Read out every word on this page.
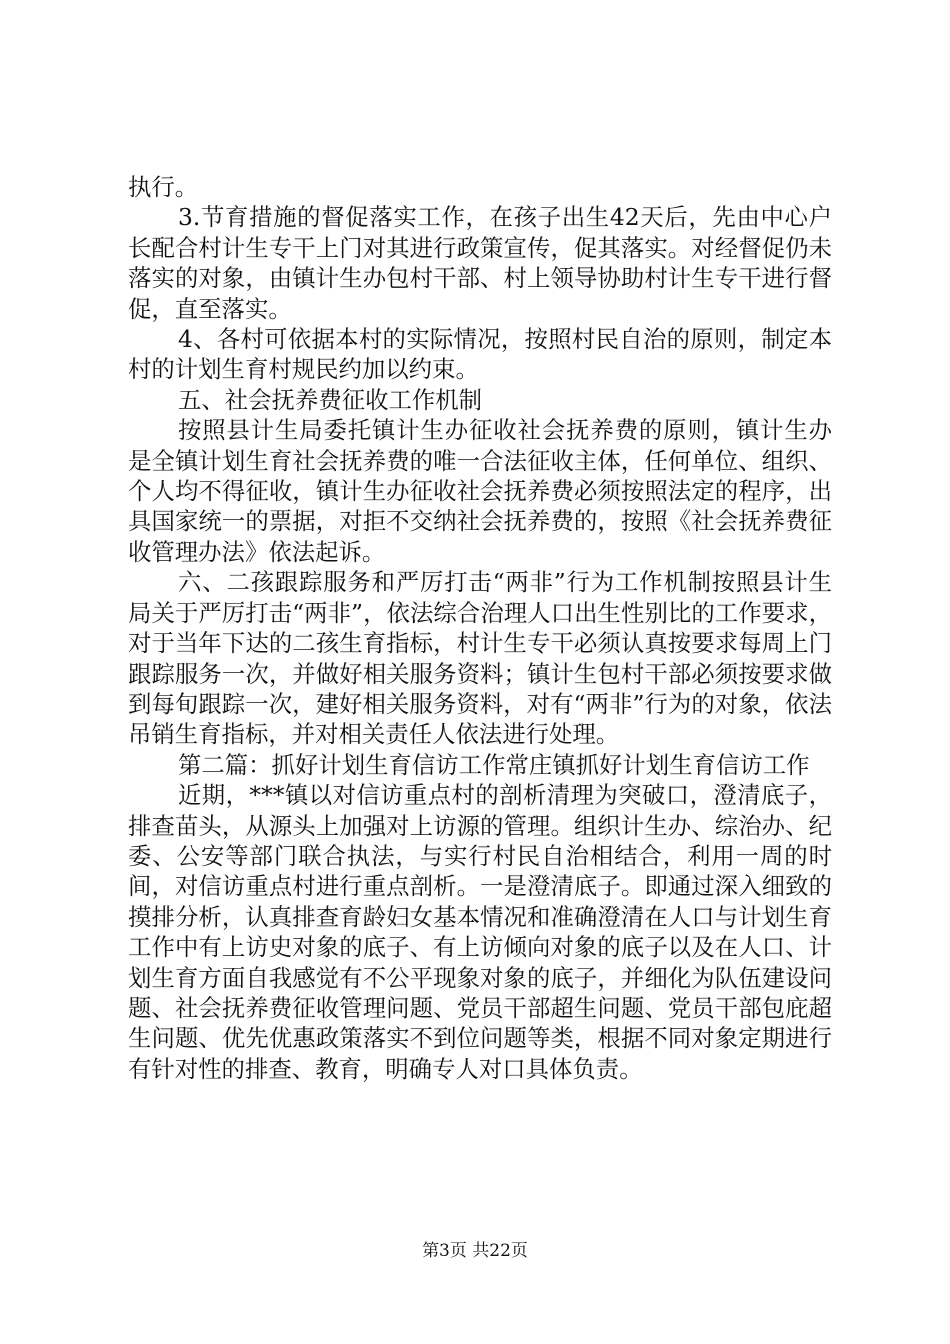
执行。

3.节育措施的督促落实工作，在孩子出生42天后，先由中心户长配合村计生专干上门对其进行政策宣传，促其落实。对经督促仍未落实的对象，由镇计生办包村干部、村上领导协助村计生专干进行督促，直至落实。

4、各村可依据本村的实际情况，按照村民自治的原则，制定本村的计划生育村规民约加以约束。

五、社会抚养费征收工作机制

按照县计生局委托镇计生办征收社会抚养费的原则，镇计生办是全镇计划生育社会抚养费的唯一合法征收主体，任何单位、组织、个人均不得征收，镇计生办征收社会抚养费必须按照法定的程序，出具国家统一的票据，对拒不交纳社会抚养费的，按照《社会抚养费征收管理办法》依法起诉。

六、二孩跟踪服务和严厉打击“两非”行为工作机制按照县计生局关于严厉打击“两非”，依法综合治理人口出生性别比的工作要求，对于当年下达的二孩生育指标，村计生专干必须认真按要求每周上门跟踪服务一次，并做好相关服务资料；镇计生包村干部必须按要求做到每旬跟踪一次，建好相关服务资料，对有“两非”行为的对象，依法吊销生育指标，并对相关责任人依法进行处理。

第二篇：抓好计划生育信访工作常庄镇抓好计划生育信访工作

近期，***镇以对信访重点村的剖析清理为突破口，澄清底子，排查苗头，从源头上加强对上访源的管理。组织计生办、综治办、纪委、公安等部门联合执法，与实行村民自治相结合，利用一周的时间，对信访重点村进行重点剖析。一是澄清底子。即通过深入细致的摸排分析，认真排查育龄妇女基本情况和准确澄清在人口与计划生育工作中有上访史对象的底子、有上访倾向对象的底子以及在人口、计划生育方面自我感觉有不公平现象对象的底子，并细化为队伍建设问题、社会抚养费征收管理问题、党员干部超生问题、党员干部包庇超生问题、优先优惠政策落实不到位问题等类，根据不同对象定期进行有针对性的排查、教育，明确专人对口具体负责。

第3页 共22页
